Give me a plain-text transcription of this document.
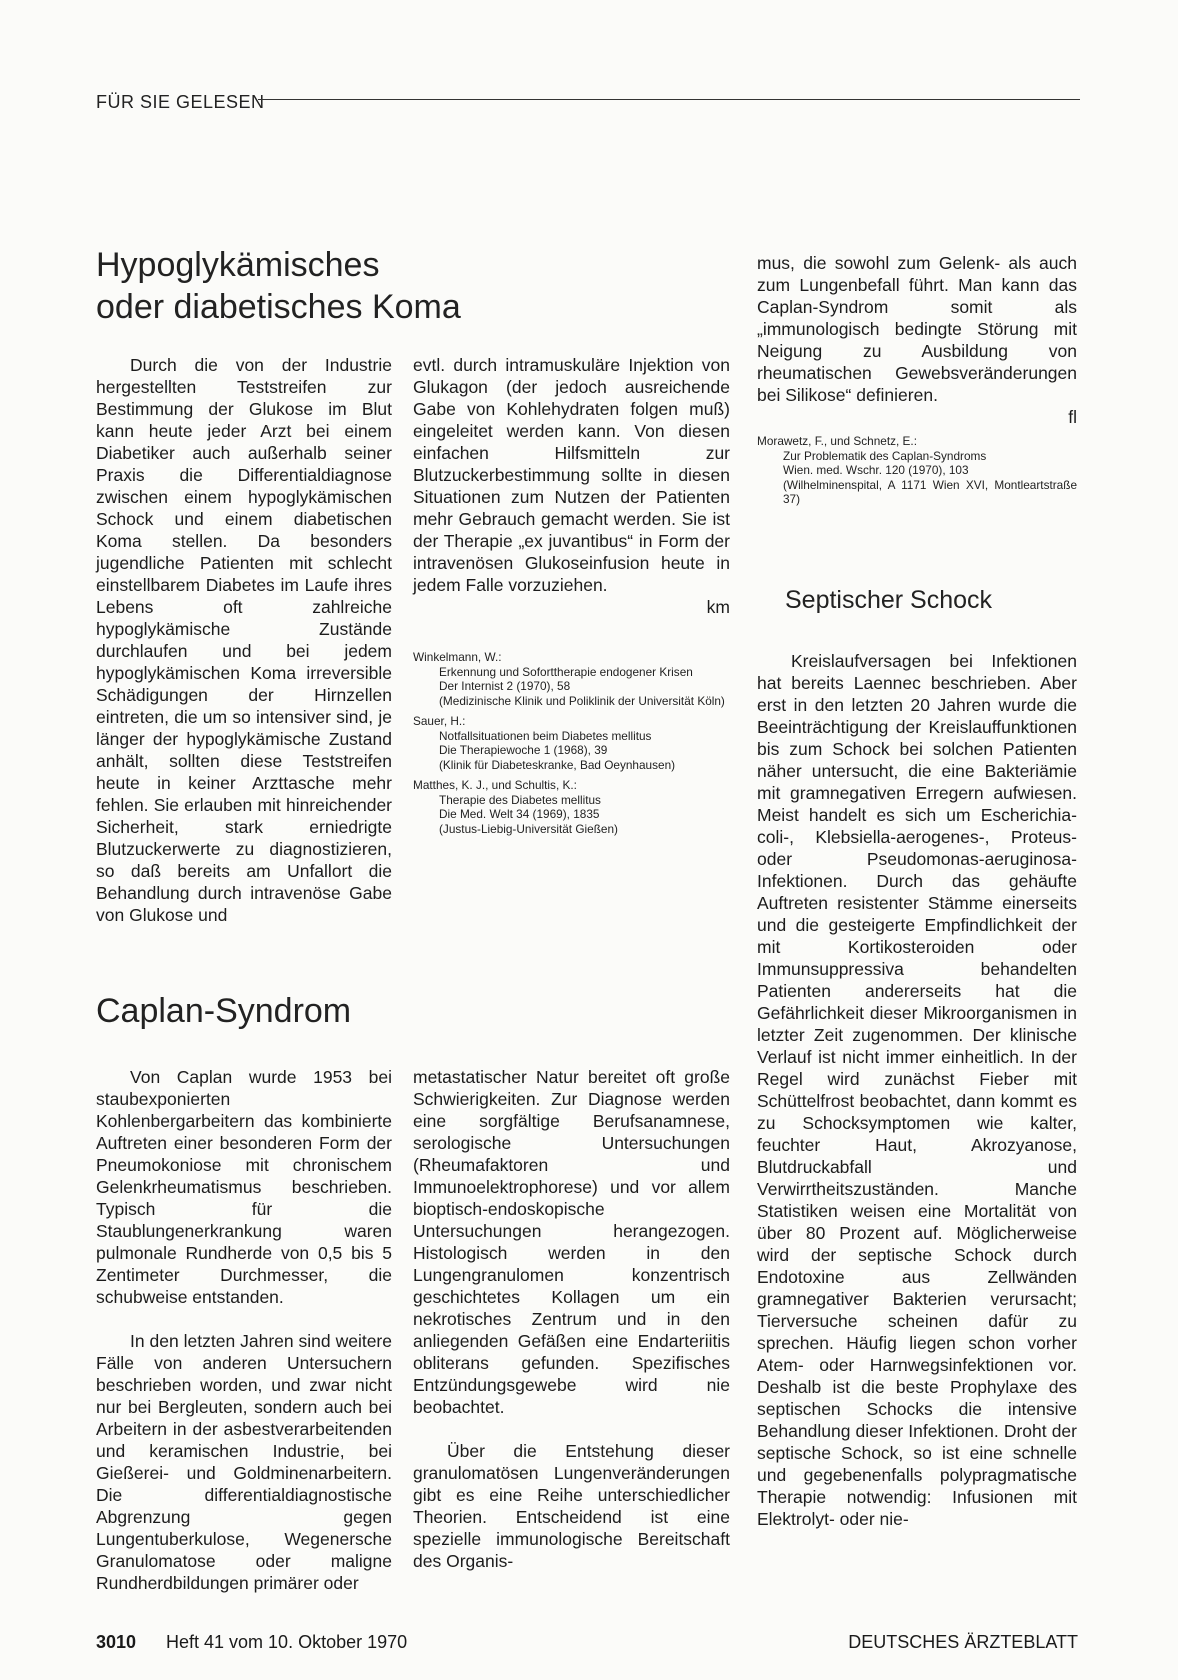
FÜR SIE GELESEN
Hypoglykämisches
oder diabetisches Koma

Durch die von der Industrie hergestellten Teststreifen zur Bestimmung der Glukose im Blut kann heute jeder Arzt bei einem Diabetiker auch außerhalb seiner Praxis die Differentialdiagnose zwischen einem hypoglykämischen Schock und einem diabetischen Koma stellen. Da besonders jugendliche Patienten mit schlecht einstellbarem Diabetes im Laufe ihres Lebens oft zahlreiche hypoglykämische Zustände durchlaufen und bei jedem hypoglykämischen Koma irreversible Schädigungen der Hirnzellen eintreten, die um so intensiver sind, je länger der hypoglykämische Zustand anhält, sollten diese Teststreifen heute in keiner Arzttasche mehr fehlen. Sie erlauben mit hinreichender Sicherheit, stark erniedrigte Blutzuckerwerte zu diagnostizieren, so daß bereits am Unfallort die Behandlung durch intravenöse Gabe von Glukose und

evtl. durch intramuskuläre Injektion von Glukagon (der jedoch ausreichende Gabe von Kohlehydraten folgen muß) eingeleitet werden kann. Von diesen einfachen Hilfsmitteln zur Blutzuckerbestimmung sollte in diesen Situationen zum Nutzen der Patienten mehr Gebrauch gemacht werden. Sie ist der Therapie „ex juvantibus“ in Form der intravenösen Glukoseinfusion heute in jedem Falle vorzuziehen.

km
Winkelmann, W.:
Erkennung und Soforttherapie endogener Krisen
Der Internist 2 (1970), 58
(Medizinische Klinik und Poliklinik der Universität Köln)
Sauer, H.:
Notfallsituationen beim Diabetes mellitus
Die Therapiewoche 1 (1968), 39
(Klinik für Diabeteskranke, Bad Oeynhausen)
Matthes, K. J., und Schultis, K.:
Therapie des Diabetes mellitus
Die Med. Welt 34 (1969), 1835
(Justus-Liebig-Universität Gießen)
Caplan-Syndrom

Von Caplan wurde 1953 bei staubexponierten Kohlenbergarbeitern das kombinierte Auftreten einer besonderen Form der Pneumokoniose mit chronischem Gelenkrheumatismus beschrieben. Typisch für die Staublungenerkrankung waren pulmonale Rundherde von 0,5 bis 5 Zentimeter Durchmesser, die schubweise entstanden.

In den letzten Jahren sind weitere Fälle von anderen Untersuchern beschrieben worden, und zwar nicht nur bei Bergleuten, sondern auch bei Arbeitern in der asbestverarbeitenden und keramischen Industrie, bei Gießerei- und Goldminenarbeitern. Die differentialdiagnostische Abgrenzung gegen Lungentuberkulose, Wegenersche Granulomatose oder maligne Rundherdbildungen primärer oder

metastatischer Natur bereitet oft große Schwierigkeiten. Zur Diagnose werden eine sorgfältige Berufsanamnese, serologische Untersuchungen (Rheumafaktoren und Immunoelektrophorese) und vor allem bioptisch-endoskopische Untersuchungen herangezogen. Histologisch werden in den Lungengranulomen konzentrisch geschichtetes Kollagen um ein nekrotisches Zentrum und in den anliegenden Gefäßen eine Endarteriitis obliterans gefunden. Spezifisches Entzündungsgewebe wird nie beobachtet.

Über die Entstehung dieser granulomatösen Lungenveränderungen gibt es eine Reihe unterschiedlicher Theorien. Entscheidend ist eine spezielle immunologische Bereitschaft des Organis-

mus, die sowohl zum Gelenk- als auch zum Lungenbefall führt. Man kann das Caplan-Syndrom somit als „immunologisch bedingte Störung mit Neigung zu Ausbildung von rheumatischen Gewebsveränderungen bei Silikose“ definieren.

fl
Morawetz, F., und Schnetz, E.:
Zur Problematik des Caplan-Syndroms
Wien. med. Wschr. 120 (1970), 103
(Wilhelminenspital, A 1171 Wien XVI, Montleartstraße 37)
Septischer Schock

Kreislaufversagen bei Infektionen hat bereits Laennec beschrieben. Aber erst in den letzten 20 Jahren wurde die Beeinträchtigung der Kreislauffunktionen bis zum Schock bei solchen Patienten näher untersucht, die eine Bakteriämie mit gramnegativen Erregern aufwiesen. Meist handelt es sich um Escherichia-coli-, Klebsiella-aerogenes-, Proteus- oder Pseudomonas-aeruginosa-Infektionen. Durch das gehäufte Auftreten resistenter Stämme einerseits und die gesteigerte Empfindlichkeit der mit Kortikosteroiden oder Immunsuppressiva behandelten Patienten andererseits hat die Gefährlichkeit dieser Mikroorganismen in letzter Zeit zugenommen. Der klinische Verlauf ist nicht immer einheitlich. In der Regel wird zunächst Fieber mit Schüttelfrost beobachtet, dann kommt es zu Schocksymptomen wie kalter, feuchter Haut, Akrozyanose, Blutdruckabfall und Verwirrtheitszuständen. Manche Statistiken weisen eine Mortalität von über 80 Prozent auf. Möglicherweise wird der septische Schock durch Endotoxine aus Zellwänden gramnegativer Bakterien verursacht; Tierversuche scheinen dafür zu sprechen. Häufig liegen schon vorher Atem- oder Harnwegsinfektionen vor. Deshalb ist die beste Prophylaxe des septischen Schocks die intensive Behandlung dieser Infektionen. Droht der septische Schock, so ist eine schnelle und gegebenenfalls polypragmatische Therapie notwendig: Infusionen mit Elektrolyt- oder nie-

3010 Heft 41 vom 10. Oktober 1970	DEUTSCHES ÄRZTEBLATT
